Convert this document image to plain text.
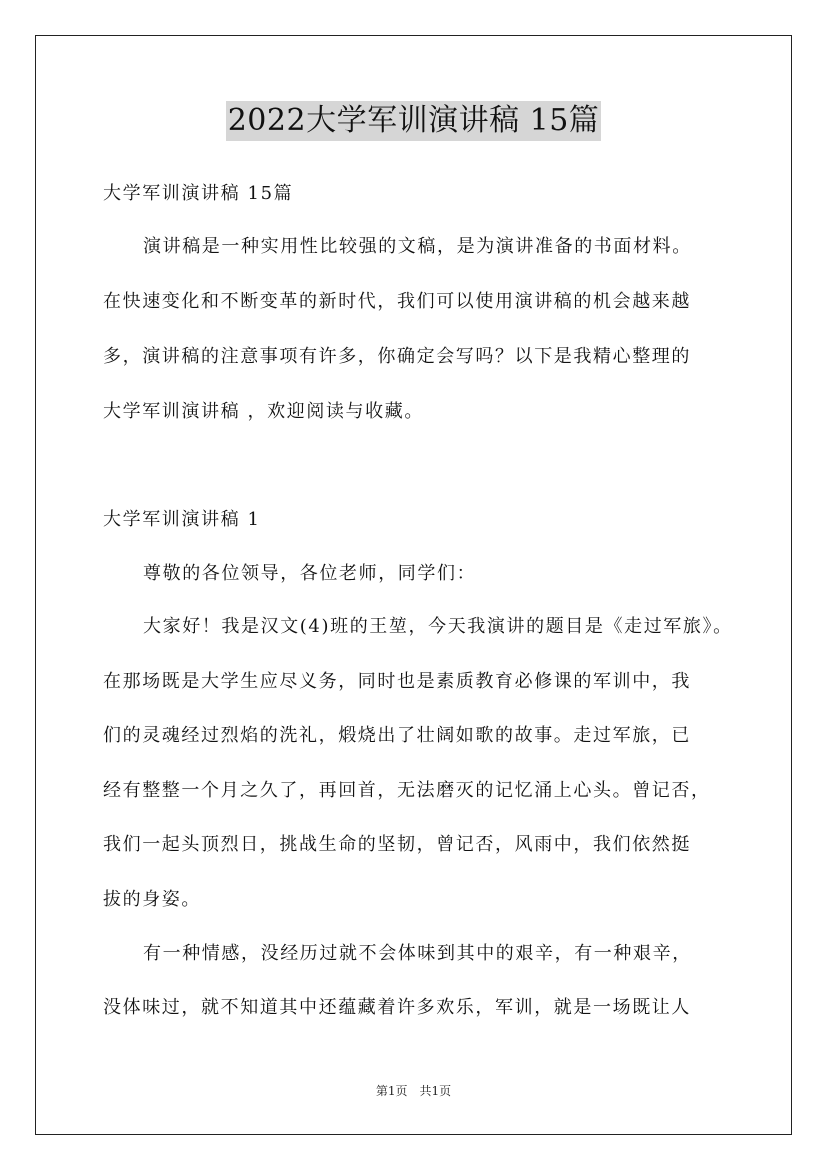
2022大学军训演讲稿 15篇
大学军训演讲稿 15篇
演讲稿是一种实用性比较强的文稿，是为演讲准备的书面材料。
在快速变化和不断变革的新时代，我们可以使用演讲稿的机会越来越
多，演讲稿的注意事项有许多，你确定会写吗？以下是我精心整理的
大学军训演讲稿 ，欢迎阅读与收藏。
大学军训演讲稿 1
尊敬的各位领导，各位老师，同学们：
大家好！我是汉文(4)班的王堃，今天我演讲的题目是《走过军旅》。
在那场既是大学生应尽义务，同时也是素质教育必修课的军训中，我
们的灵魂经过烈焰的洗礼，煅烧出了壮阔如歌的故事。走过军旅，已
经有整整一个月之久了，再回首，无法磨灭的记忆涌上心头。曾记否，
我们一起头顶烈日，挑战生命的坚韧，曾记否，风雨中，我们依然挺
拔的身姿。
有一种情感，没经历过就不会体味到其中的艰辛，有一种艰辛，
没体味过，就不知道其中还蕴藏着许多欢乐，军训，就是一场既让人
第1页　共1页
